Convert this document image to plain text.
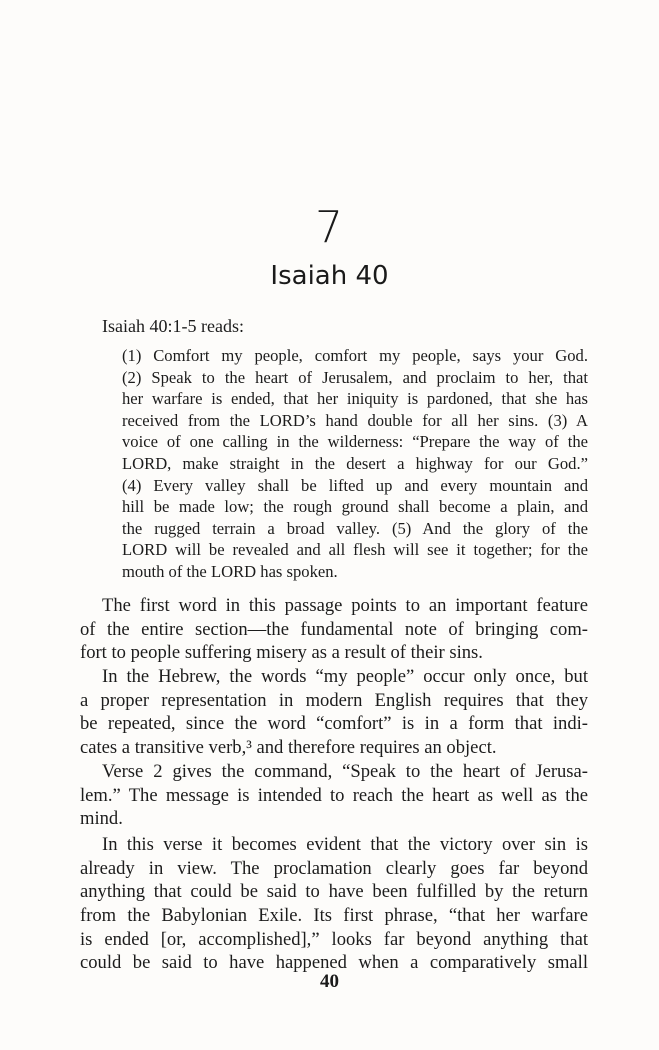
7
Isaiah 40
Isaiah 40:1-5 reads:
(1) Comfort my people, comfort my people, says your God.
(2) Speak to the heart of Jerusalem, and proclaim to her, that
her warfare is ended, that her iniquity is pardoned, that she has
received from the LORD’s hand double for all her sins. (3) A
voice of one calling in the wilderness: “Prepare the way of the
LORD, make straight in the desert a highway for our God.”
(4) Every valley shall be lifted up and every mountain and
hill be made low; the rough ground shall become a plain, and
the rugged terrain a broad valley. (5) And the glory of the
LORD will be revealed and all flesh will see it together; for the
mouth of the LORD has spoken.
The first word in this passage points to an important feature
of the entire section—the fundamental note of bringing com-
fort to people suffering misery as a result of their sins.
In the Hebrew, the words “my people” occur only once, but
a proper representation in modern English requires that they
be repeated, since the word “comfort” is in a form that indi-
cates a transitive verb,³ and therefore requires an object.
Verse 2 gives the command, “Speak to the heart of Jerusa-
lem.” The message is intended to reach the heart as well as the
mind.
In this verse it becomes evident that the victory over sin is
already in view. The proclamation clearly goes far beyond
anything that could be said to have been fulfilled by the return
from the Babylonian Exile. Its first phrase, “that her warfare
is ended [or, accomplished],” looks far beyond anything that
could be said to have happened when a comparatively small
40
